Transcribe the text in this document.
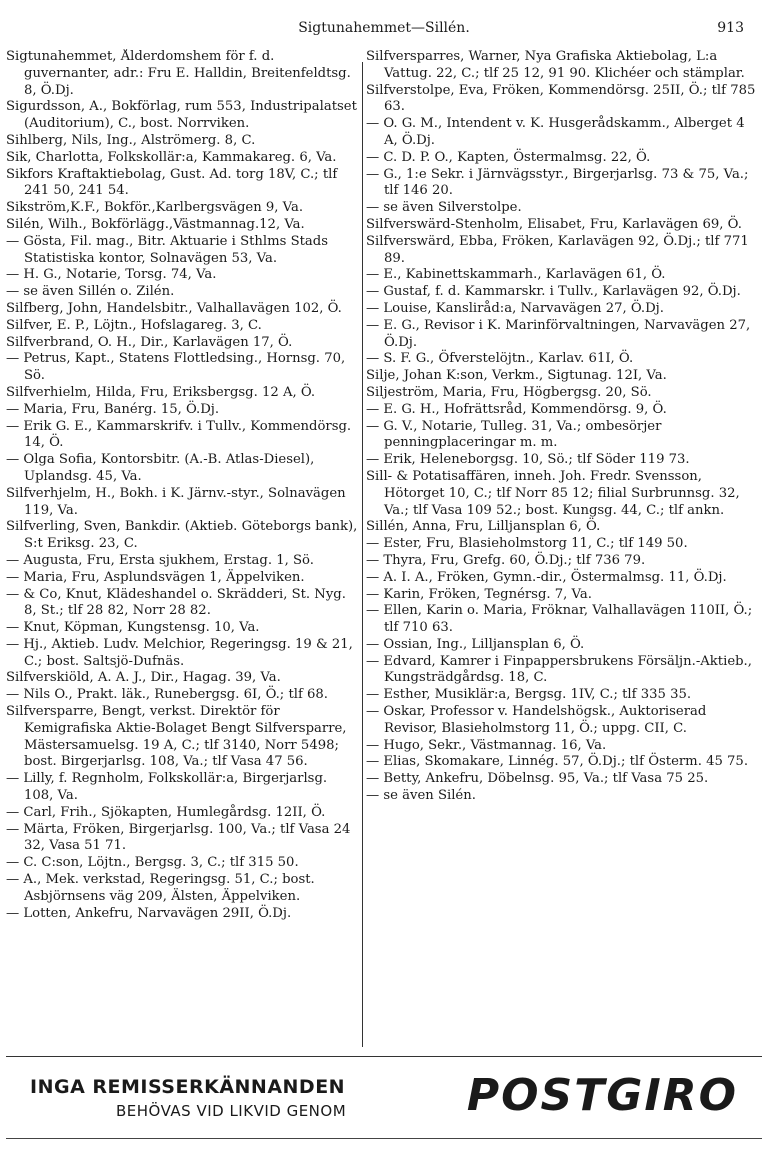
Sigtunahemmet—Sillén.	913

Sigtunahemmet, Ålderdomshem för f. d. guvernanter, adr.: Fru E. Halldin, Breitenfeldtsg. 8, Ö.Dj.

Sigurdsson, A., Bokförlag, rum 553, Industripalatset (Auditorium), C., bost. Norrviken.

Sihlberg, Nils, Ing., Alströmerg. 8, C.

Sik, Charlotta, Folkskollär:a, Kammakareg. 6, Va.

Sikfors Kraftaktiebolag, Gust. Ad. torg 18V, C.; tlf 241 50, 241 54.

Sikström,K.F., Bokför.,Karlbergsvägen 9, Va.

Silén, Wilh., Bokförlägg.,Västmannag.12, Va.

— Gösta, Fil. mag., Bitr. Aktuarie i Sthlms Stads Statistiska kontor, Solnavägen 53, Va.

— H. G., Notarie, Torsg. 74, Va.

— se även Sillén o. Zilén.

Silfberg, John, Handelsbitr., Valhallavägen 102, Ö.

Silfver, E. P., Löjtn., Hofslagareg. 3, C.

Silfverbrand, O. H., Dir., Karlavägen 17, Ö.

— Petrus, Kapt., Statens Flottledsing., Hornsg. 70, Sö.

Silfverhielm, Hilda, Fru, Eriksbergsg. 12 A, Ö.

— Maria, Fru, Banérg. 15, Ö.Dj.

— Erik G. E., Kammarskrifv. i Tullv., Kommendörsg. 14, Ö.

— Olga Sofia, Kontorsbitr. (A.-B. Atlas-Diesel), Uplandsg. 45, Va.

Silfverhjelm, H., Bokh. i K. Järnv.-styr., Solnavägen 119, Va.

Silfverling, Sven, Bankdir. (Aktieb. Göteborgs bank), S:t Eriksg. 23, C.

— Augusta, Fru, Ersta sjukhem, Erstag. 1, Sö.

— Maria, Fru, Asplundsvägen 1, Äppelviken.

— & Co, Knut, Klädeshandel o. Skrädderi, St. Nyg. 8, St.; tlf 28 82, Norr 28 82.

— Knut, Köpman, Kungstensg. 10, Va.

— Hj., Aktieb. Ludv. Melchior, Regeringsg. 19 & 21, C.; bost. Saltsjö-Dufnäs.

Silfverskiöld, A. A. J., Dir., Hagag. 39, Va.

— Nils O., Prakt. läk., Runebergsg. 6I, Ö.; tlf 68.

Silfversparre, Bengt, verkst. Direktör för Kemigrafiska Aktie-Bolaget Bengt Silfversparre, Mästersamuelsg. 19 A, C.; tlf 3140, Norr 5498; bost. Birgerjarlsg. 108, Va.; tlf Vasa 47 56.

— Lilly, f. Regnholm, Folkskollär:a, Birgerjarlsg. 108, Va.

— Carl, Frih., Sjökapten, Humlegårdsg. 12II, Ö.

— Märta, Fröken, Birgerjarlsg. 100, Va.; tlf Vasa 24 32, Vasa 51 71.

— C. C:son, Löjtn., Bergsg. 3, C.; tlf 315 50.

— A., Mek. verkstad, Regeringsg. 51, C.; bost. Asbjörnsens väg 209, Älsten, Äppelviken.

— Lotten, Ankefru, Narvavägen 29II, Ö.Dj.

Silfversparres, Warner, Nya Grafiska Aktiebolag, L:a Vattug. 22, C.; tlf 25 12, 91 90. Klichéer och stämplar.

Silfverstolpe, Eva, Fröken, Kommendörsg. 25II, Ö.; tlf 785 63.

— O. G. M., Intendent v. K. Husgerådskamm., Alberget 4 A, Ö.Dj.

— C. D. P. O., Kapten, Östermalmsg. 22, Ö.

— G., 1:e Sekr. i Järnvägsstyr., Birgerjarlsg. 73 & 75, Va.; tlf 146 20.

— se även Silverstolpe.

Silfverswärd-Stenholm, Elisabet, Fru, Karlavägen 69, Ö.

Silfverswärd, Ebba, Fröken, Karlavägen 92, Ö.Dj.; tlf 771 89.

— E., Kabinettskammarh., Karlavägen 61, Ö.

— Gustaf, f. d. Kammarskr. i Tullv., Karlavägen 92, Ö.Dj.

— Louise, Kanslіråd:a, Narvavägen 27, Ö.Dj.

— E. G., Revisor i K. Marinförvaltningen, Narvavägen 27, Ö.Dj.

— S. F. G., Öfverstelöjtn., Karlav. 61I, Ö.

Silje, Johan K:son, Verkm., Sigtunag. 12I, Va.

Siljeström, Maria, Fru, Högbergsg. 20, Sö.

— E. G. H., Hofrättsråd, Kommendörsg. 9, Ö.

— G. V., Notarie, Tulleg. 31, Va.; ombesörjer penningplaceringar m. m.

— Erik, Heleneborgsg. 10, Sö.; tlf Söder 119 73.

Sill- & Potatisaffären, inneh. Joh. Fredr. Svensson, Hötorget 10, C.; tlf Norr 85 12; filial Surbrunnsg. 32, Va.; tlf Vasa 109 52.; bost. Kungsg. 44, C.; tlf ankn.

Sillén, Anna, Fru, Lilljansplan 6, Ö.

— Ester, Fru, Blasieholmstorg 11, C.; tlf 149 50.

— Thyra, Fru, Grefg. 60, Ö.Dj.; tlf 736 79.

— A. I. A., Fröken, Gymn.-dir., Östermalmsg. 11, Ö.Dj.

— Karin, Fröken, Tegnérsg. 7, Va.

— Ellen, Karin o. Maria, Fröknar, Valhallavägen 110II, Ö.; tlf 710 63.

— Ossian, Ing., Lilljansplan 6, Ö.

— Edvard, Kamrer i Finpappersbrukens Försäljn.-Aktieb., Kungsträdgårdsg. 18, C.

— Esther, Musiklär:a, Bergsg. 1IV, C.; tlf 335 35.

— Oskar, Professor v. Handelshögsk., Auktoriserad Revisor, Blasieholmstorg 11, Ö.; uppg. CII, C.

— Hugo, Sekr., Västmannag. 16, Va.

— Elias, Skomakare, Linnég. 57, Ö.Dj.; tlf Österm. 45 75.

— Betty, Ankefru, Döbelnsg. 95, Va.; tlf Vasa 75 25.

— se även Silén.

INGA REMISSERKÄNNANDEN
BEHÖVAS VID LIKVID GENOM	POSTGIRO
